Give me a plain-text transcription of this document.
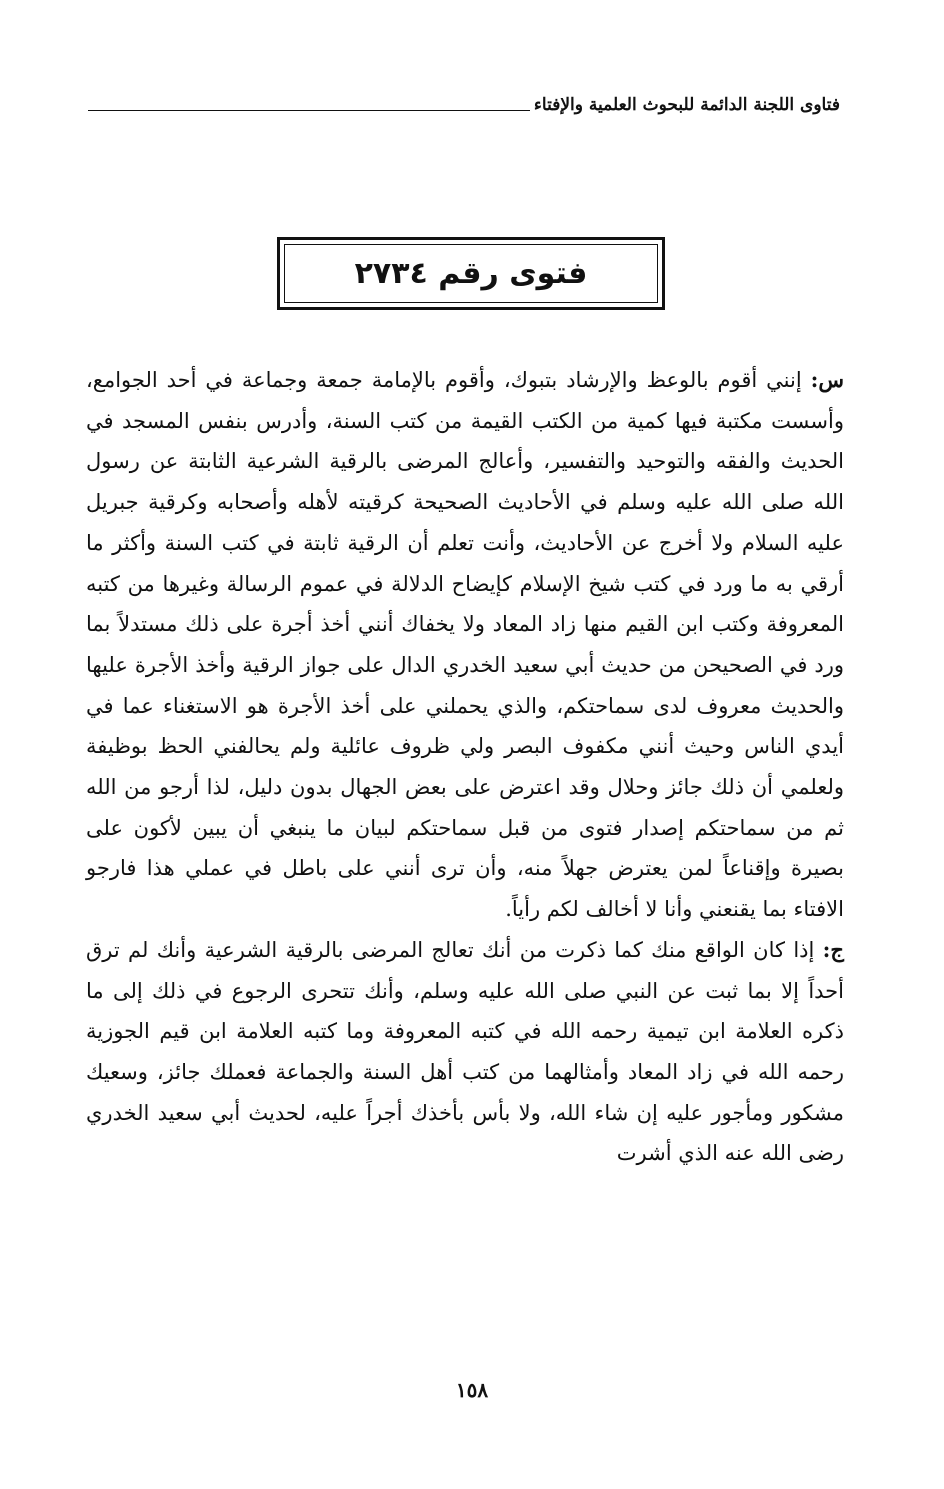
فتاوى اللجنة الدائمة للبحوث العلمية والإفتاء
فتوى رقم ٢٧٣٤

س: إنني أقوم بالوعظ والإرشاد بتبوك، وأقوم بالإمامة جمعة وجماعة في أحد الجوامع، وأسست مكتبة فيها كمية من الكتب القيمة من كتب السنة، وأدرس بنفس المسجد في الحديث والفقه والتوحيد والتفسير، وأعالج المرضى بالرقية الشرعية الثابتة عن رسول الله صلى الله عليه وسلم في الأحاديث الصحيحة كرقيته لأهله وأصحابه وكرقية جبريل عليه السلام ولا أخرج عن الأحاديث، وأنت تعلم أن الرقية ثابتة في كتب السنة وأكثر ما أرقي به ما ورد في كتب شيخ الإسلام كإيضاح الدلالة في عموم الرسالة وغيرها من كتبه المعروفة وكتب ابن القيم منها زاد المعاد ولا يخفاك أنني أخذ أجرة على ذلك مستدلاً بما ورد في الصحيحن من حديث أبي سعيد الخدري الدال على جواز الرقية وأخذ الأجرة عليها والحديث معروف لدى سماحتكم، والذي يحملني على أخذ الأجرة هو الاستغناء عما في أيدي الناس وحيث أنني مكفوف البصر ولي ظروف عائلية ولم يحالفني الحظ بوظيفة ولعلمي أن ذلك جائز وحلال وقد اعترض على بعض الجهال بدون دليل، لذا أرجو من الله ثم من سماحتكم إصدار فتوى من قبل سماحتكم لبيان ما ينبغي أن يبين لأكون على بصيرة وإقناعاً لمن يعترض جهلاً منه، وأن ترى أنني على باطل في عملي هذا فارجو الافتاء بما يقنعني وأنا لا أخالف لكم رأياً.

ج: إذا كان الواقع منك كما ذكرت من أنك تعالج المرضى بالرقية الشرعية وأنك لم ترق أحداً إلا بما ثبت عن النبي صلى الله عليه وسلم، وأنك تتحرى الرجوع في ذلك إلى ما ذكره العلامة ابن تيمية رحمه الله في كتبه المعروفة وما كتبه العلامة ابن قيم الجوزية رحمه الله في زاد المعاد وأمثالهما من كتب أهل السنة والجماعة فعملك جائز، وسعيك مشكور ومأجور عليه إن شاء الله، ولا بأس بأخذك أجراً عليه، لحديث أبي سعيد الخدري رضى الله عنه الذي أشرت

١٥٨
